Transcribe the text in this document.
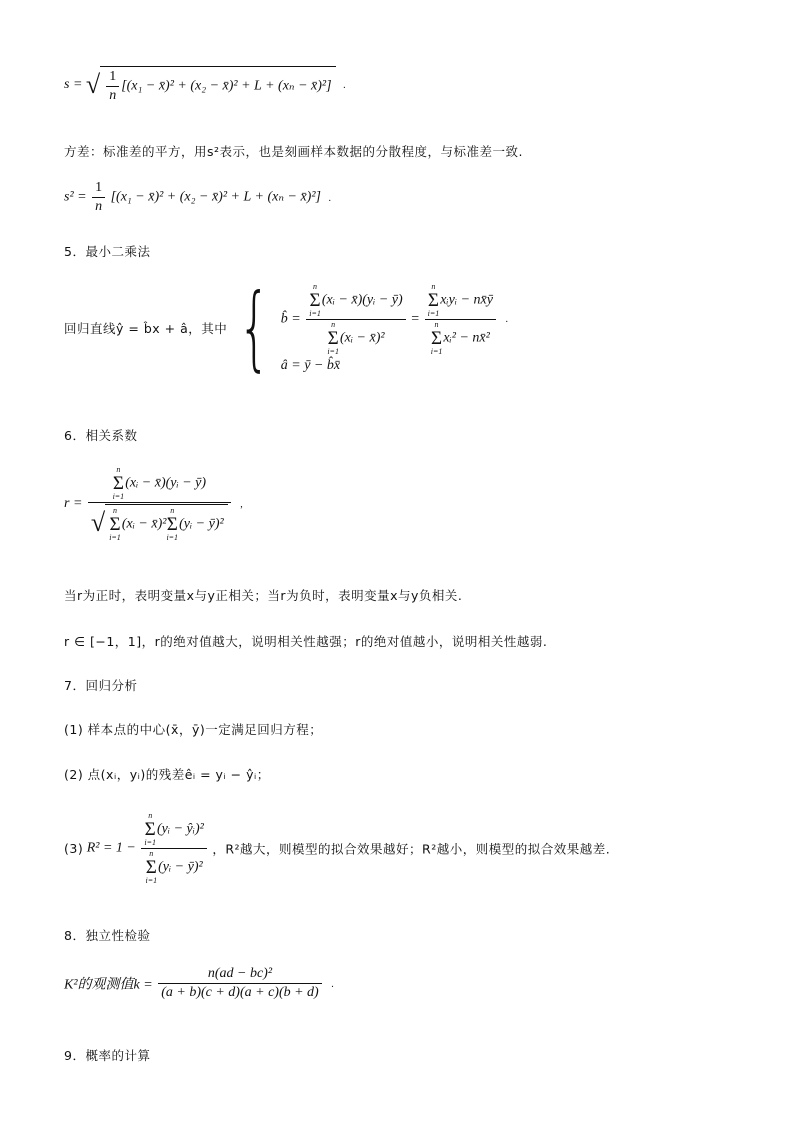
s = √ $\frac{1}{n} [(x_1$ − x̄)² + (x₂ − x̄)² + L + (xₙ − x̄)²] .
方差：标准差的平方，用s²表示，也是刻画样本数据的分散程度，与标准差一致.
$s^2 = \frac{1}{n} [(x_1$ − x̄)² + (x₂ − x̄)² + L + (xₙ − x̄)²] .
5．最小二乘法
回归直线ŷ = b̂x + â，其中 { b̂ = n
Σ
i=1
(xᵢ − x̄)(yᵢ − ȳ)
n
Σ
i=1
(xᵢ − x̄)² = n
Σ
i=1
xᵢyᵢ − nx̄ȳ
n
Σ
i=1
xᵢ² − nx̄² .
â = ȳ − b̂x̄
6．相关系数
r = n
Σ
i=1
(xᵢ − x̄)(yᵢ − ȳ)
√ n
Σ
i=1
(xᵢ − x̄)²
n
Σ
i=1
(yᵢ − ȳ)² ,
当r为正时，表明变量x与y正相关；当r为负时，表明变量x与y负相关.
r ∈ [−1，1]，r的绝对值越大，说明相关性越强；r的绝对值越小，说明相关性越弱.
7．回归分析
(1) 样本点的中心(x̄，ȳ)一定满足回归方程；
(2) 点(xᵢ，yᵢ)的残差êᵢ = yᵢ − ŷᵢ；
(3) R² = 1 − n
Σ
i=1
(yᵢ − ŷᵢ)²
n
Σ
i=1
(yᵢ − ȳ)² ，R²越大，则模型的拟合效果越好；R²越小，则模型的拟合效果越差.
8．独立性检验
K²的观测值$k = \frac{\text{n(ad − bc)²}}{(a + b)(c + d)(a + c)(b + d)}$ .
9．概率的计算
